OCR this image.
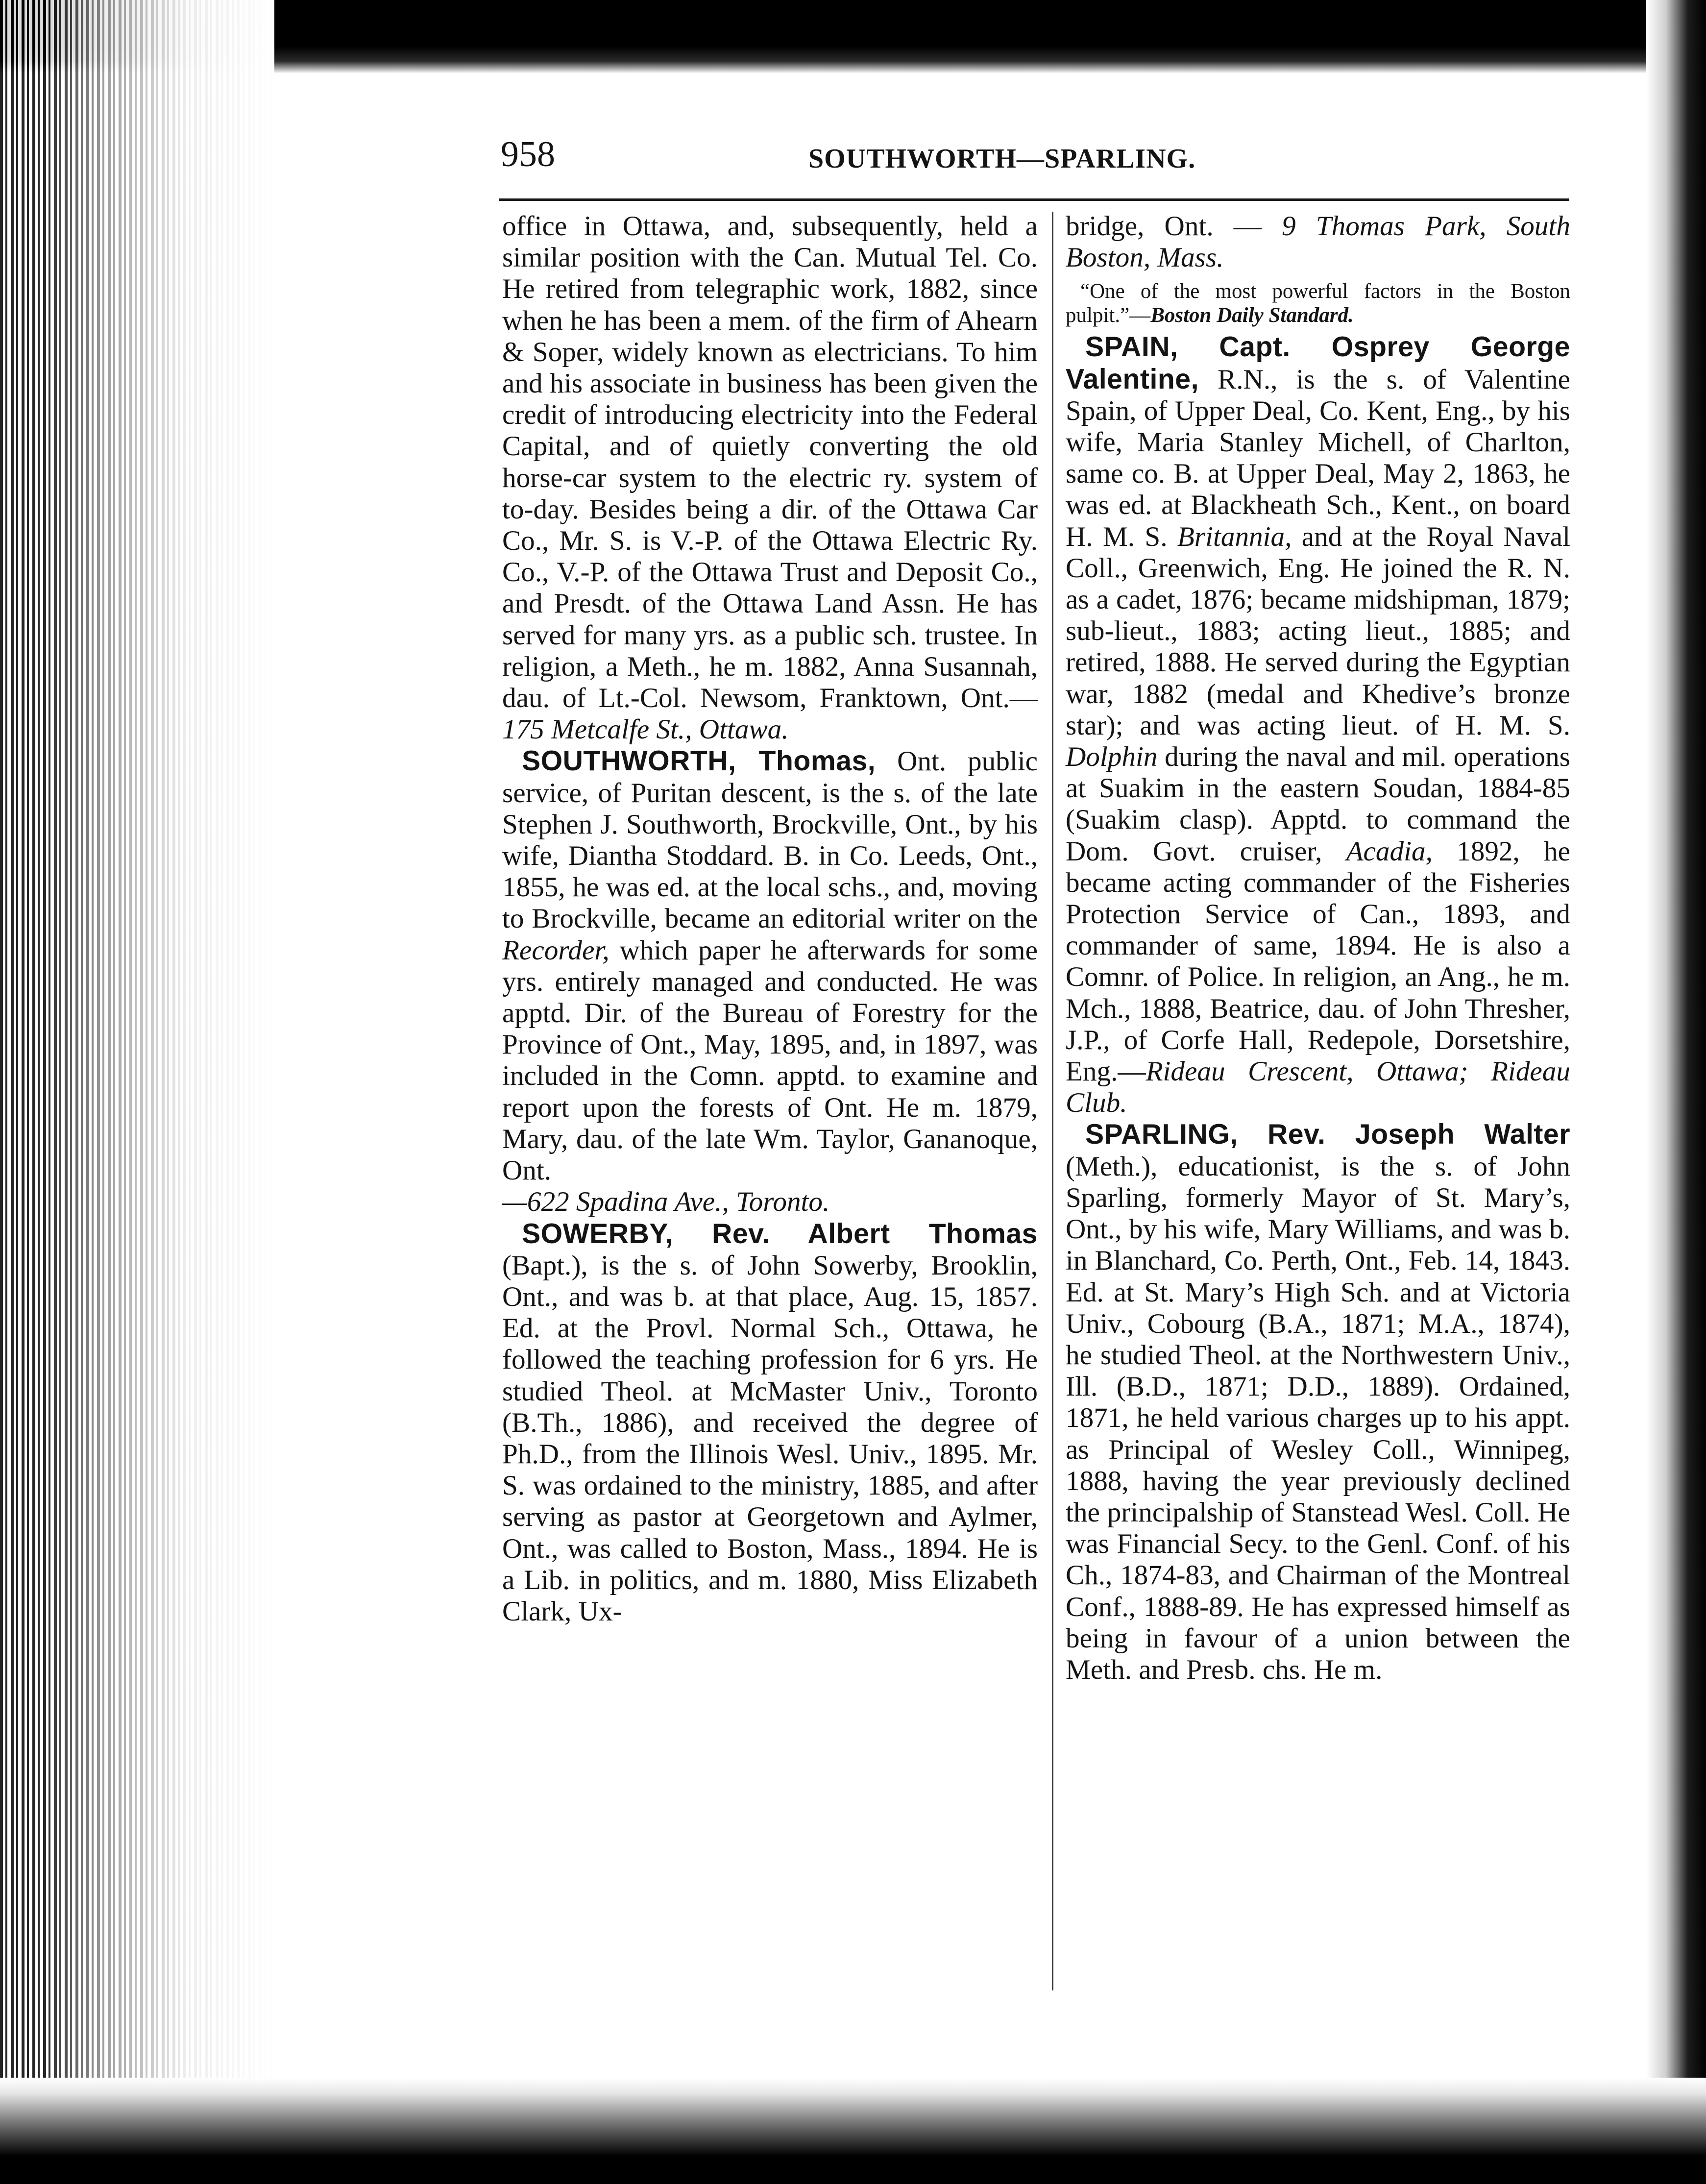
958	SOUTHWORTH—SPARLING.

office in Ottawa, and, subsequently, held a similar position with the Can. Mutual Tel. Co. He retired from telegraphic work, 1882, since when he has been a mem. of the firm of Ahearn & Soper, widely known as electricians. To him and his associate in business has been given the credit of introducing electricity into the Federal Capital, and of quietly converting the old horse-car system to the electric ry. system of to-day. Besides being a dir. of the Ottawa Car Co., Mr. S. is V.-P. of the Ottawa Electric Ry. Co., V.-P. of the Ottawa Trust and Deposit Co., and Presdt. of the Ottawa Land Assn. He has served for many yrs. as a public sch. trustee. In religion, a Meth., he m. 1882, Anna Susannah, dau. of Lt.-Col. Newsom, Franktown, Ont.—175 Metcalfe St., Ottawa.

SOUTHWORTH, Thomas, Ont. public service, of Puritan descent, is the s. of the late Stephen J. Southworth, Brockville, Ont., by his wife, Diantha Stoddard. B. in Co. Leeds, Ont., 1855, he was ed. at the local schs., and, moving to Brockville, became an editorial writer on the Recorder, which paper he afterwards for some yrs. entirely managed and conducted. He was apptd. Dir. of the Bureau of Forestry for the Province of Ont., May, 1895, and, in 1897, was included in the Comn. apptd. to examine and report upon the forests of Ont. He m. 1879, Mary, dau. of the late Wm. Taylor, Gananoque, Ont.
—622 Spadina Ave., Toronto.

SOWERBY, Rev. Albert Thomas (Bapt.), is the s. of John Sowerby, Brooklin, Ont., and was b. at that place, Aug. 15, 1857. Ed. at the Provl. Normal Sch., Ottawa, he followed the teaching profession for 6 yrs. He studied Theol. at McMaster Univ., Toronto (B.Th., 1886), and received the degree of Ph.D., from the Illinois Wesl. Univ., 1895. Mr. S. was ordained to the ministry, 1885, and after serving as pastor at Georgetown and Aylmer, Ont., was called to Boston, Mass., 1894. He is a Lib. in politics, and m. 1880, Miss Elizabeth Clark, Ux-

bridge, Ont. — 9 Thomas Park, South Boston, Mass.

“One of the most powerful factors in the Boston pulpit.”—Boston Daily Standard.

SPAIN, Capt. Osprey George Valentine, R.N., is the s. of Valentine Spain, of Upper Deal, Co. Kent, Eng., by his wife, Maria Stanley Michell, of Charlton, same co. B. at Upper Deal, May 2, 1863, he was ed. at Blackheath Sch., Kent., on board H. M. S. Britannia, and at the Royal Naval Coll., Greenwich, Eng. He joined the R. N. as a cadet, 1876; became midshipman, 1879; sub-lieut., 1883; acting lieut., 1885; and retired, 1888. He served during the Egyptian war, 1882 (medal and Khedive’s bronze star); and was acting lieut. of H. M. S. Dolphin during the naval and mil. operations at Suakim in the eastern Soudan, 1884-85 (Suakim clasp). Apptd. to command the Dom. Govt. cruiser, Acadia, 1892, he became acting commander of the Fisheries Protection Service of Can., 1893, and commander of same, 1894. He is also a Comnr. of Police. In religion, an Ang., he m. Mch., 1888, Beatrice, dau. of John Thresher, J.P., of Corfe Hall, Redepole, Dorsetshire, Eng.—Rideau Crescent, Ottawa; Rideau Club.

SPARLING, Rev. Joseph Walter (Meth.), educationist, is the s. of John Sparling, formerly Mayor of St. Mary’s, Ont., by his wife, Mary Williams, and was b. in Blanchard, Co. Perth, Ont., Feb. 14, 1843. Ed. at St. Mary’s High Sch. and at Victoria Univ., Cobourg (B.A., 1871; M.A., 1874), he studied Theol. at the Northwestern Univ., Ill. (B.D., 1871; D.D., 1889). Ordained, 1871, he held various charges up to his appt. as Principal of Wesley Coll., Winnipeg, 1888, having the year previously declined the principalship of Stanstead Wesl. Coll. He was Financial Secy. to the Genl. Conf. of his Ch., 1874-83, and Chairman of the Montreal Conf., 1888-89. He has expressed himself as being in favour of a union between the Meth. and Presb. chs. He m.
